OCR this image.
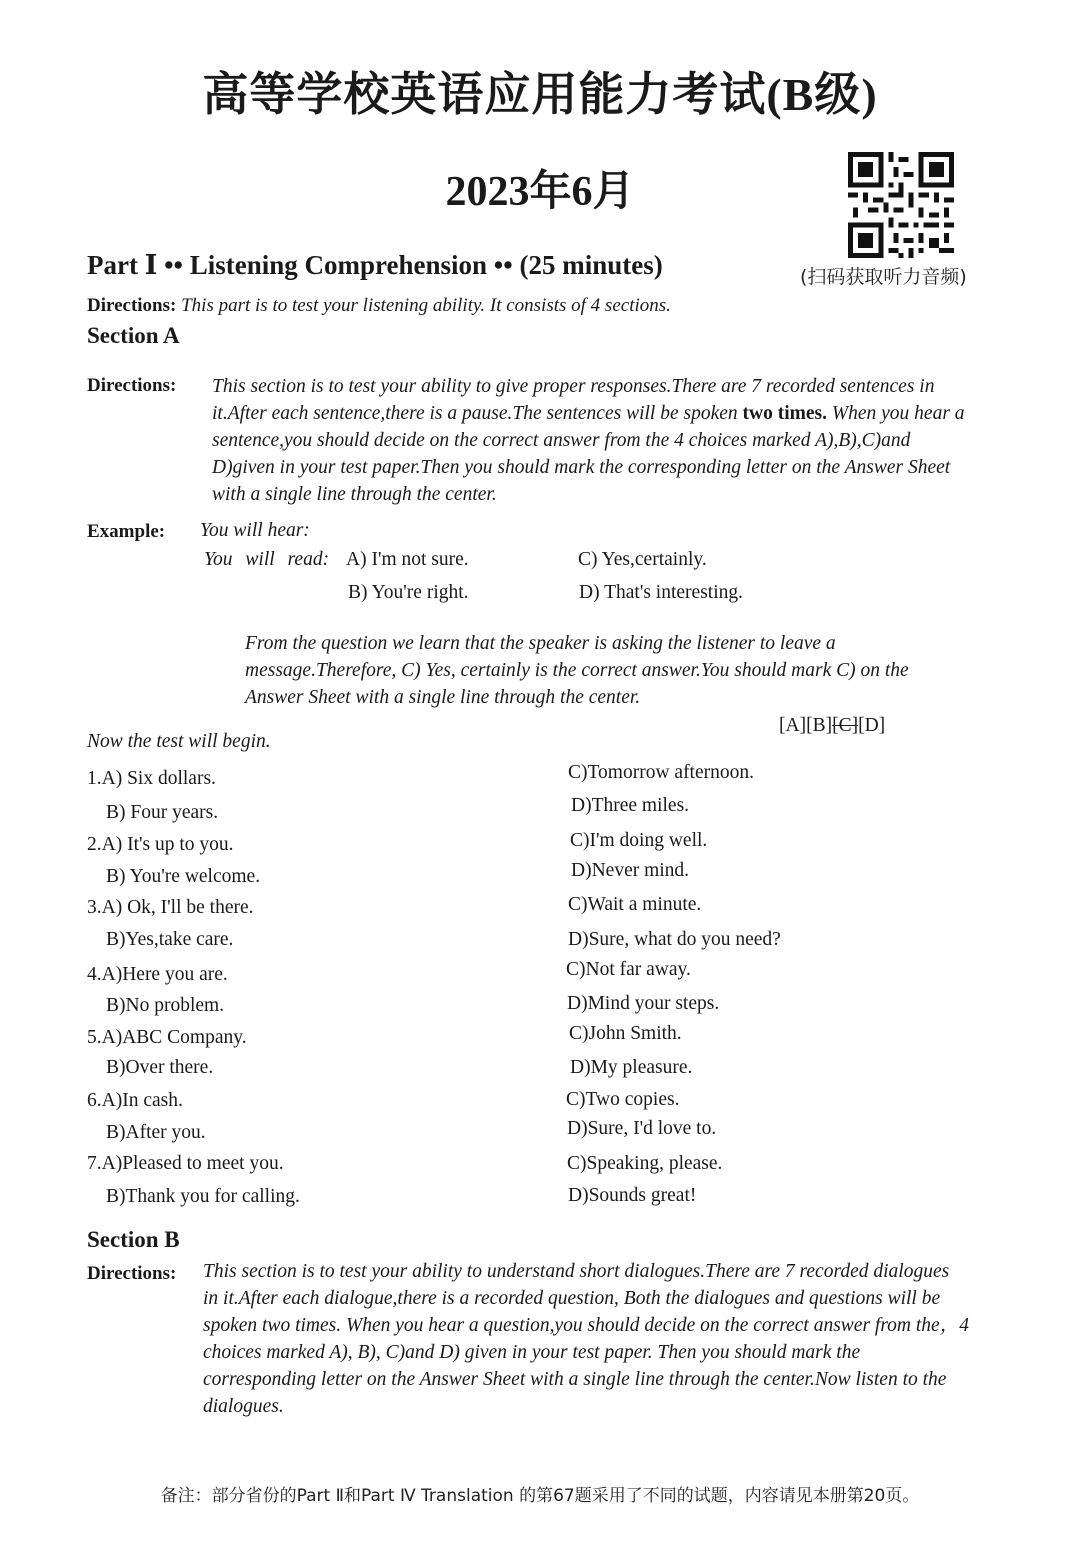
高等学校英语应用能力考试(B级)
2023年6月
(扫码获取听力音频)
Part Ⅰ •• Listening Comprehension •• (25 minutes)
Directions: This part is to test your listening ability. It consists of 4 sections.
Section A
Directions: This section is to test your ability to give proper responses.There are 7 recorded sentences in
it.After each sentence,there is a pause.The sentences will be spoken two times. When you hear a
sentence,you should decide on the correct answer from the 4 choices marked A),B),C)and
D)given in your test paper.Then you should mark the corresponding letter on the Answer Sheet
with a single line through the center.
Example: You will hear:
You will read: A) I'm not sure.	C) Yes,certainly.
B) You're right.	D) That's interesting.
From the question we learn that the speaker is asking the listener to leave a
message.Therefore, C) Yes, certainly is the correct answer.You should mark C) on the
Answer Sheet with a single line through the center.
[A][B][C][D]
Now the test will begin.
1.A) Six dollars.	C)Tomorrow afternoon.
B) Four years.	D)Three miles.
2.A) It's up to you.	C)I'm doing well.
B) You're welcome.	D)Never mind.
3.A) Ok, I'll be there.	C)Wait a minute.
B)Yes,take care.	D)Sure, what do you need?
4.A)Here you are.	C)Not far away.
B)No problem.	D)Mind your steps.
5.A)ABC Company.	C)John Smith.
B)Over there.	D)My pleasure.
6.A)In cash.	C)Two copies.
B)After you.	D)Sure, I'd love to.
7.A)Pleased to meet you.	C)Speaking, please.
B)Thank you for calling.	D)Sounds great!
Section B
Directions: This section is to test your ability to understand short dialogues.There are 7 recorded dialogues
in it.After each dialogue,there is a recorded question, Both the dialogues and questions will be
spoken two times. When you hear a question,you should decide on the correct answer from the，4
choices marked A), B), C)and D) given in your test paper. Then you should mark the
corresponding letter on the Answer Sheet with a single line through the center.Now listen to the
dialogues.
备注：部分省份的Part Ⅱ和Part Ⅳ Translation 的第67题采用了不同的试题，内容请见本册第20页。
